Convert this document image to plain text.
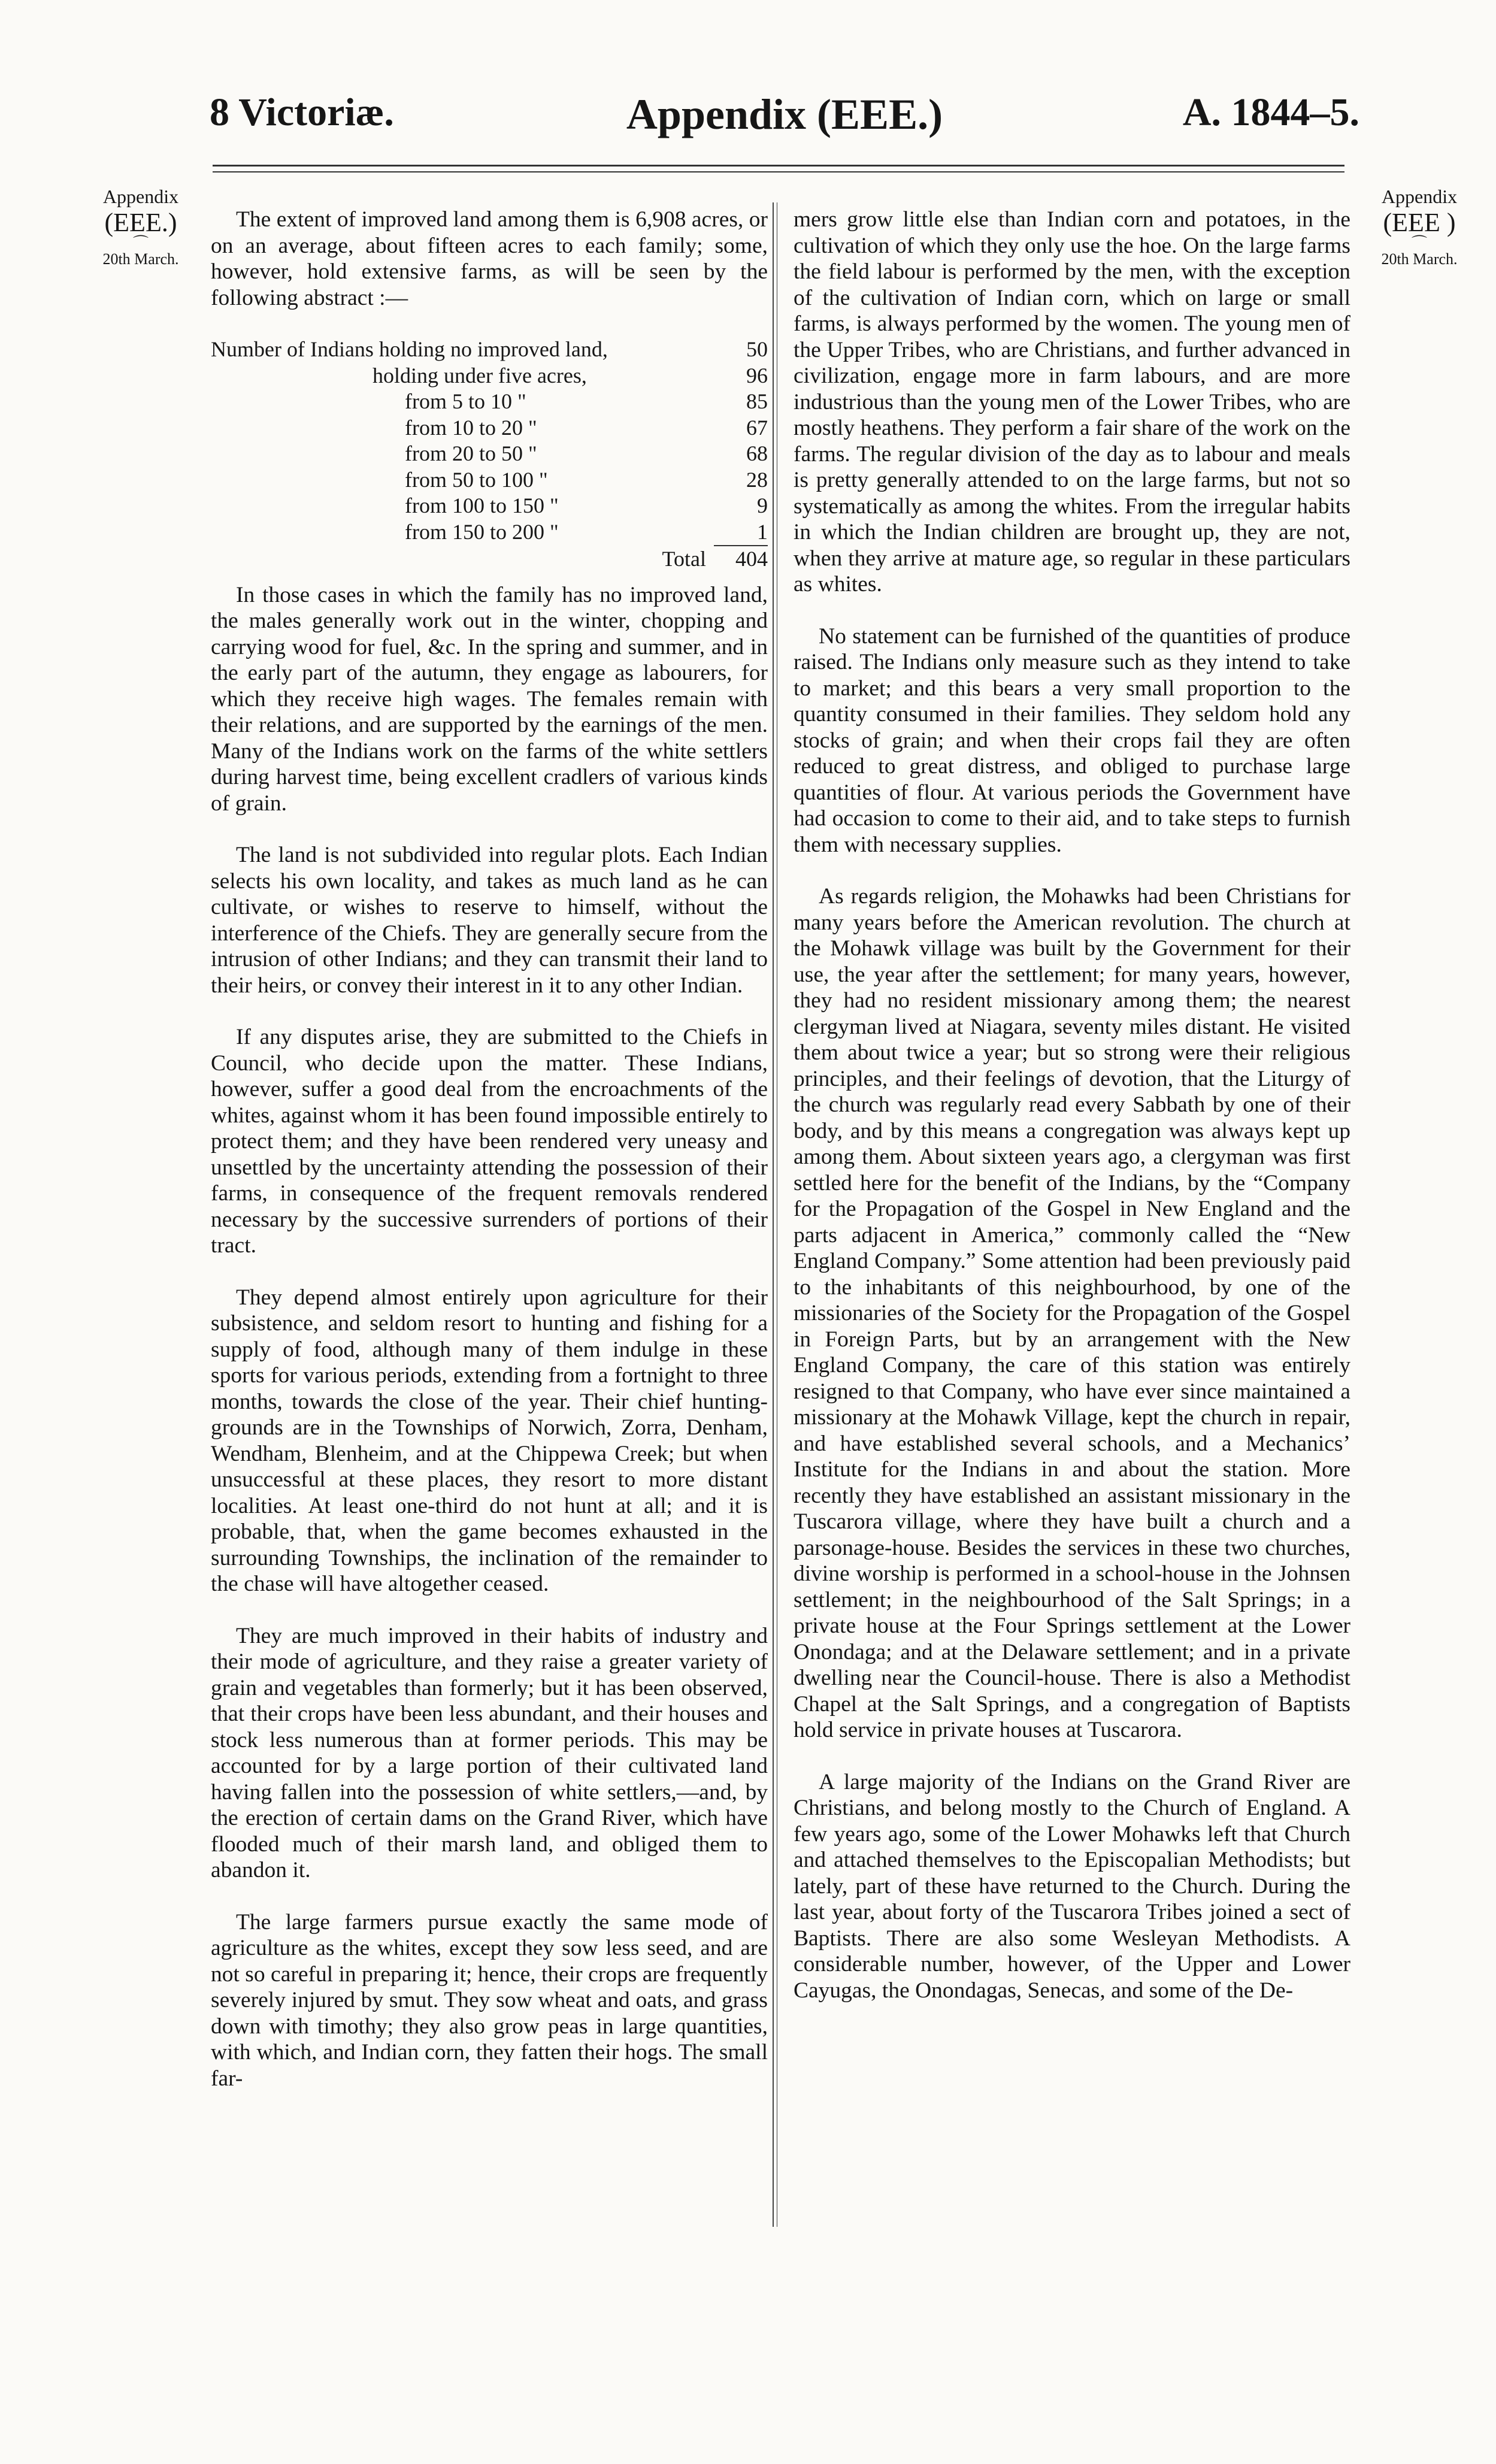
8 Victoriæ.	Appendix (EEE.)	A. 1844–5.
Appendix
(EEE.)
⌒
20th March.
Appendix
(EEE )
⌒
20th March.

The extent of improved land among them is 6,908 acres, or on an average, about fifteen acres to each family; some, however, hold extensive farms, as will be seen by the following abstract :—

Number of Indians holding no improved land,	50
holding under five acres,	96
from 5 to 10 "	85
from 10 to 20 "	67
from 20 to 50 "	68
from 50 to 100 "	28
from 100 to 150 "	9
from 150 to 200 "	1
Total 404

In those cases in which the family has no improved land, the males generally work out in the winter, chopping and carrying wood for fuel, &c. In the spring and summer, and in the early part of the autumn, they engage as labourers, for which they receive high wages. The females remain with their relations, and are supported by the earnings of the men. Many of the Indians work on the farms of the white settlers during harvest time, being excellent cradlers of various kinds of grain.

The land is not subdivided into regular plots. Each Indian selects his own locality, and takes as much land as he can cultivate, or wishes to reserve to himself, without the interference of the Chiefs. They are generally secure from the intrusion of other Indians; and they can transmit their land to their heirs, or convey their interest in it to any other Indian.

If any disputes arise, they are submitted to the Chiefs in Council, who decide upon the matter. These Indians, however, suffer a good deal from the encroachments of the whites, against whom it has been found impossible entirely to protect them; and they have been rendered very uneasy and unsettled by the uncertainty attending the possession of their farms, in consequence of the frequent removals rendered necessary by the successive surrenders of portions of their tract.

They depend almost entirely upon agriculture for their subsistence, and seldom resort to hunting and fishing for a supply of food, although many of them indulge in these sports for various periods, extending from a fortnight to three months, towards the close of the year. Their chief hunting-grounds are in the Townships of Norwich, Zorra, Denham, Wendham, Blenheim, and at the Chippewa Creek; but when unsuccessful at these places, they resort to more distant localities. At least one-third do not hunt at all; and it is probable, that, when the game becomes exhausted in the surrounding Townships, the inclination of the remainder to the chase will have altogether ceased.

They are much improved in their habits of industry and their mode of agriculture, and they raise a greater variety of grain and vegetables than formerly; but it has been observed, that their crops have been less abundant, and their houses and stock less numerous than at former periods. This may be accounted for by a large portion of their cultivated land having fallen into the possession of white settlers,—and, by the erection of certain dams on the Grand River, which have flooded much of their marsh land, and obliged them to abandon it.

The large farmers pursue exactly the same mode of agriculture as the whites, except they sow less seed, and are not so careful in preparing it; hence, their crops are frequently severely injured by smut. They sow wheat and oats, and grass down with timothy; they also grow peas in large quantities, with which, and Indian corn, they fatten their hogs. The small far-

mers grow little else than Indian corn and potatoes, in the cultivation of which they only use the hoe. On the large farms the field labour is performed by the men, with the exception of the cultivation of Indian corn, which on large or small farms, is always performed by the women. The young men of the Upper Tribes, who are Christians, and further advanced in civilization, engage more in farm labours, and are more industrious than the young men of the Lower Tribes, who are mostly heathens. They perform a fair share of the work on the farms. The regular division of the day as to labour and meals is pretty generally attended to on the large farms, but not so systematically as among the whites. From the irregular habits in which the Indian children are brought up, they are not, when they arrive at mature age, so regular in these particulars as whites.

No statement can be furnished of the quantities of produce raised. The Indians only measure such as they intend to take to market; and this bears a very small proportion to the quantity consumed in their families. They seldom hold any stocks of grain; and when their crops fail they are often reduced to great distress, and obliged to purchase large quantities of flour. At various periods the Government have had occasion to come to their aid, and to take steps to furnish them with necessary supplies.

As regards religion, the Mohawks had been Christians for many years before the American revolution. The church at the Mohawk village was built by the Government for their use, the year after the settlement; for many years, however, they had no resident missionary among them; the nearest clergyman lived at Niagara, seventy miles distant. He visited them about twice a year; but so strong were their religious principles, and their feelings of devotion, that the Liturgy of the church was regularly read every Sabbath by one of their body, and by this means a congregation was always kept up among them. About sixteen years ago, a clergyman was first settled here for the benefit of the Indians, by the “Company for the Propagation of the Gospel in New England and the parts adjacent in America,” commonly called the “New England Company.” Some attention had been previously paid to the inhabitants of this neighbourhood, by one of the missionaries of the Society for the Propagation of the Gospel in Foreign Parts, but by an arrangement with the New England Company, the care of this station was entirely resigned to that Company, who have ever since maintained a missionary at the Mohawk Village, kept the church in repair, and have established several schools, and a Mechanics’ Institute for the Indians in and about the station. More recently they have established an assistant missionary in the Tuscarora village, where they have built a church and a parsonage-house. Besides the services in these two churches, divine worship is performed in a school-house in the Johnsen settlement; in the neighbourhood of the Salt Springs; in a private house at the Four Springs settlement at the Lower Onondaga; and at the Delaware settlement; and in a private dwelling near the Council-house. There is also a Methodist Chapel at the Salt Springs, and a congregation of Baptists hold service in private houses at Tuscarora.

A large majority of the Indians on the Grand River are Christians, and belong mostly to the Church of England. A few years ago, some of the Lower Mohawks left that Church and attached themselves to the Episcopalian Methodists; but lately, part of these have returned to the Church. During the last year, about forty of the Tuscarora Tribes joined a sect of Baptists. There are also some Wesleyan Methodists. A considerable number, however, of the Upper and Lower Cayugas, the Onondagas, Senecas, and some of the De-
